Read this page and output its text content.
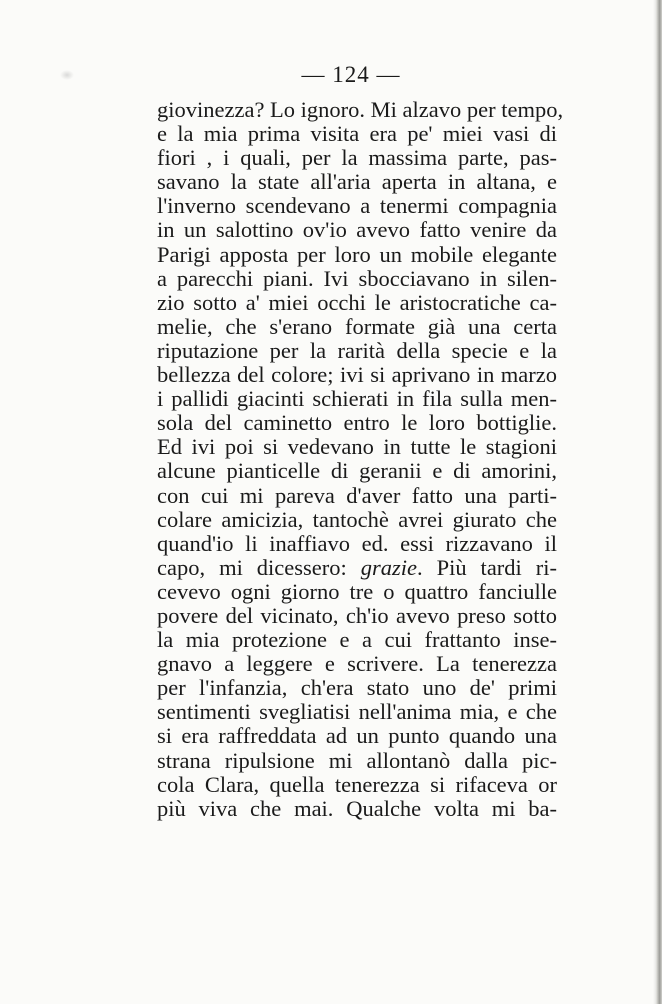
— 124 —
giovinezza? Lo ignoro. Mi alzavo per tempo,
e la mia prima visita era pe' miei vasi di
fiori , i quali, per la massima parte, pas-
savano la state all'aria aperta in altana, e
l'inverno scendevano a tenermi compagnia
in un salottino ov'io avevo fatto venire da
Parigi apposta per loro un mobile elegante
a parecchi piani. Ivi sbocciavano in silen-
zio sotto a' miei occhi le aristocratiche ca-
melie, che s'erano formate già una certa
riputazione per la rarità della specie e la
bellezza del colore; ivi si aprivano in marzo
i pallidi giacinti schierati in fila sulla men-
sola del caminetto entro le loro bottiglie.
Ed ivi poi si vedevano in tutte le stagioni
alcune pianticelle di geranii e di amorini,
con cui mi pareva d'aver fatto una parti-
colare amicizia, tantochè avrei giurato che
quand'io li inaffiavo ed. essi rizzavano il
capo, mi dicessero: grazie. Più tardi ri-
cevevo ogni giorno tre o quattro fanciulle
povere del vicinato, ch'io avevo preso sotto
la mia protezione e a cui frattanto inse-
gnavo a leggere e scrivere. La tenerezza
per l'infanzia, ch'era stato uno de' primi
sentimenti svegliatisi nell'anima mia, e che
si era raffreddata ad un punto quando una
strana ripulsione mi allontanò dalla pic-
cola Clara, quella tenerezza si rifaceva or
più viva che mai. Qualche volta mi ba-
